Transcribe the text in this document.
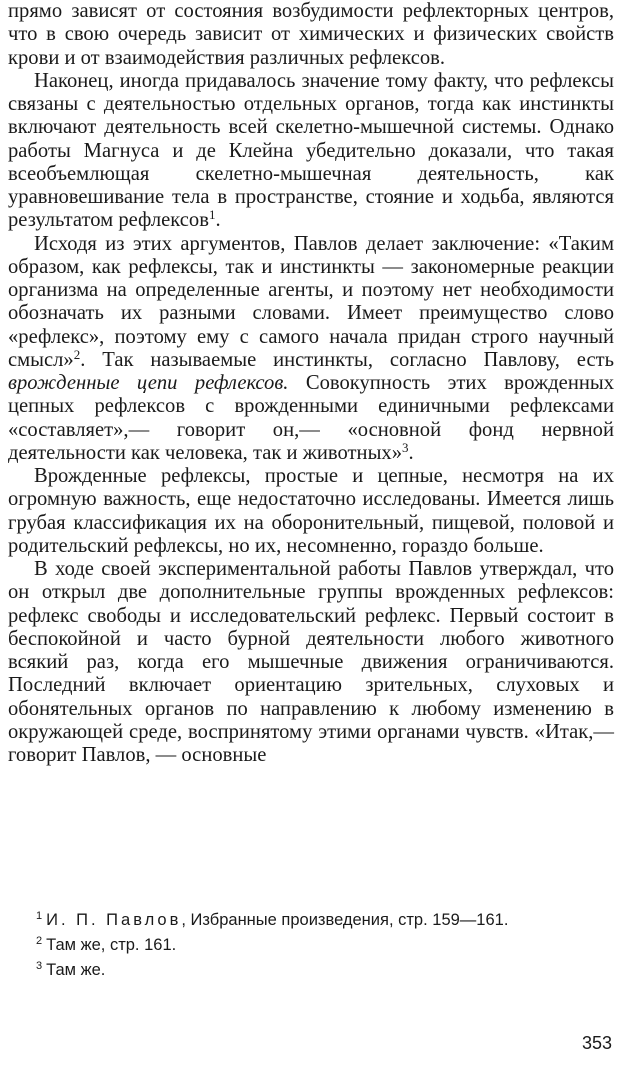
прямо зависят от состояния возбудимости рефлекторных центров, что в свою очередь зависит от химических и физических свойств крови и от взаимодействия различных рефлексов.

Наконец, иногда придавалось значение тому факту, что рефлексы связаны с деятельностью отдельных органов, тогда как инстинкты включают деятельность всей скелетно-мышечной системы. Однако работы Магнуса и де Клейна убедительно доказали, что такая всеобъемлющая скелетно-мышечная деятельность, как уравновешивание тела в пространстве, стояние и ходьба, являются результатом рефлексов$^1$.

Исходя из этих аргументов, Павлов делает заключение: «Таким образом, как рефлексы, так и инстинкты — закономерные реакции организма на определенные агенты, и поэтому нет необходимости обозначать их разными словами. Имеет преимущество слово «рефлекс», поэтому ему с самого начала придан строго научный смысл»$^2$. Так называемые инстинкты, согласно Павлову, есть врожденные цепи рефлексов. Совокупность этих врожденных цепных рефлексов с врожденными единичными рефлексами «составляет»,— говорит он,— «основной фонд нервной деятельности как человека, так и животных»$^3$.

Врожденные рефлексы, простые и цепные, несмотря на их огромную важность, еще недостаточно исследованы. Имеется лишь грубая классификация их на оборонительный, пищевой, половой и родительский рефлексы, но их, несомненно, гораздо больше.

В ходе своей экспериментальной работы Павлов утверждал, что он открыл две дополнительные группы врожденных рефлексов: рефлекс свободы и исследовательский рефлекс. Первый состоит в беспокойной и часто бурной деятельности любого животного всякий раз, когда его мышечные движения ограничиваются. Последний включает ориентацию зрительных, слуховых и обонятельных органов по направлению к любому изменению в окружающей среде, воспринятому этими органами чувств. «Итак,— говорит Павлов, — основные

$^1$ И. П. Павлов, Избранные произведения, стр. 159—161.
$^2$ Там же, стр. 161.
$^3$ Там же.
353
